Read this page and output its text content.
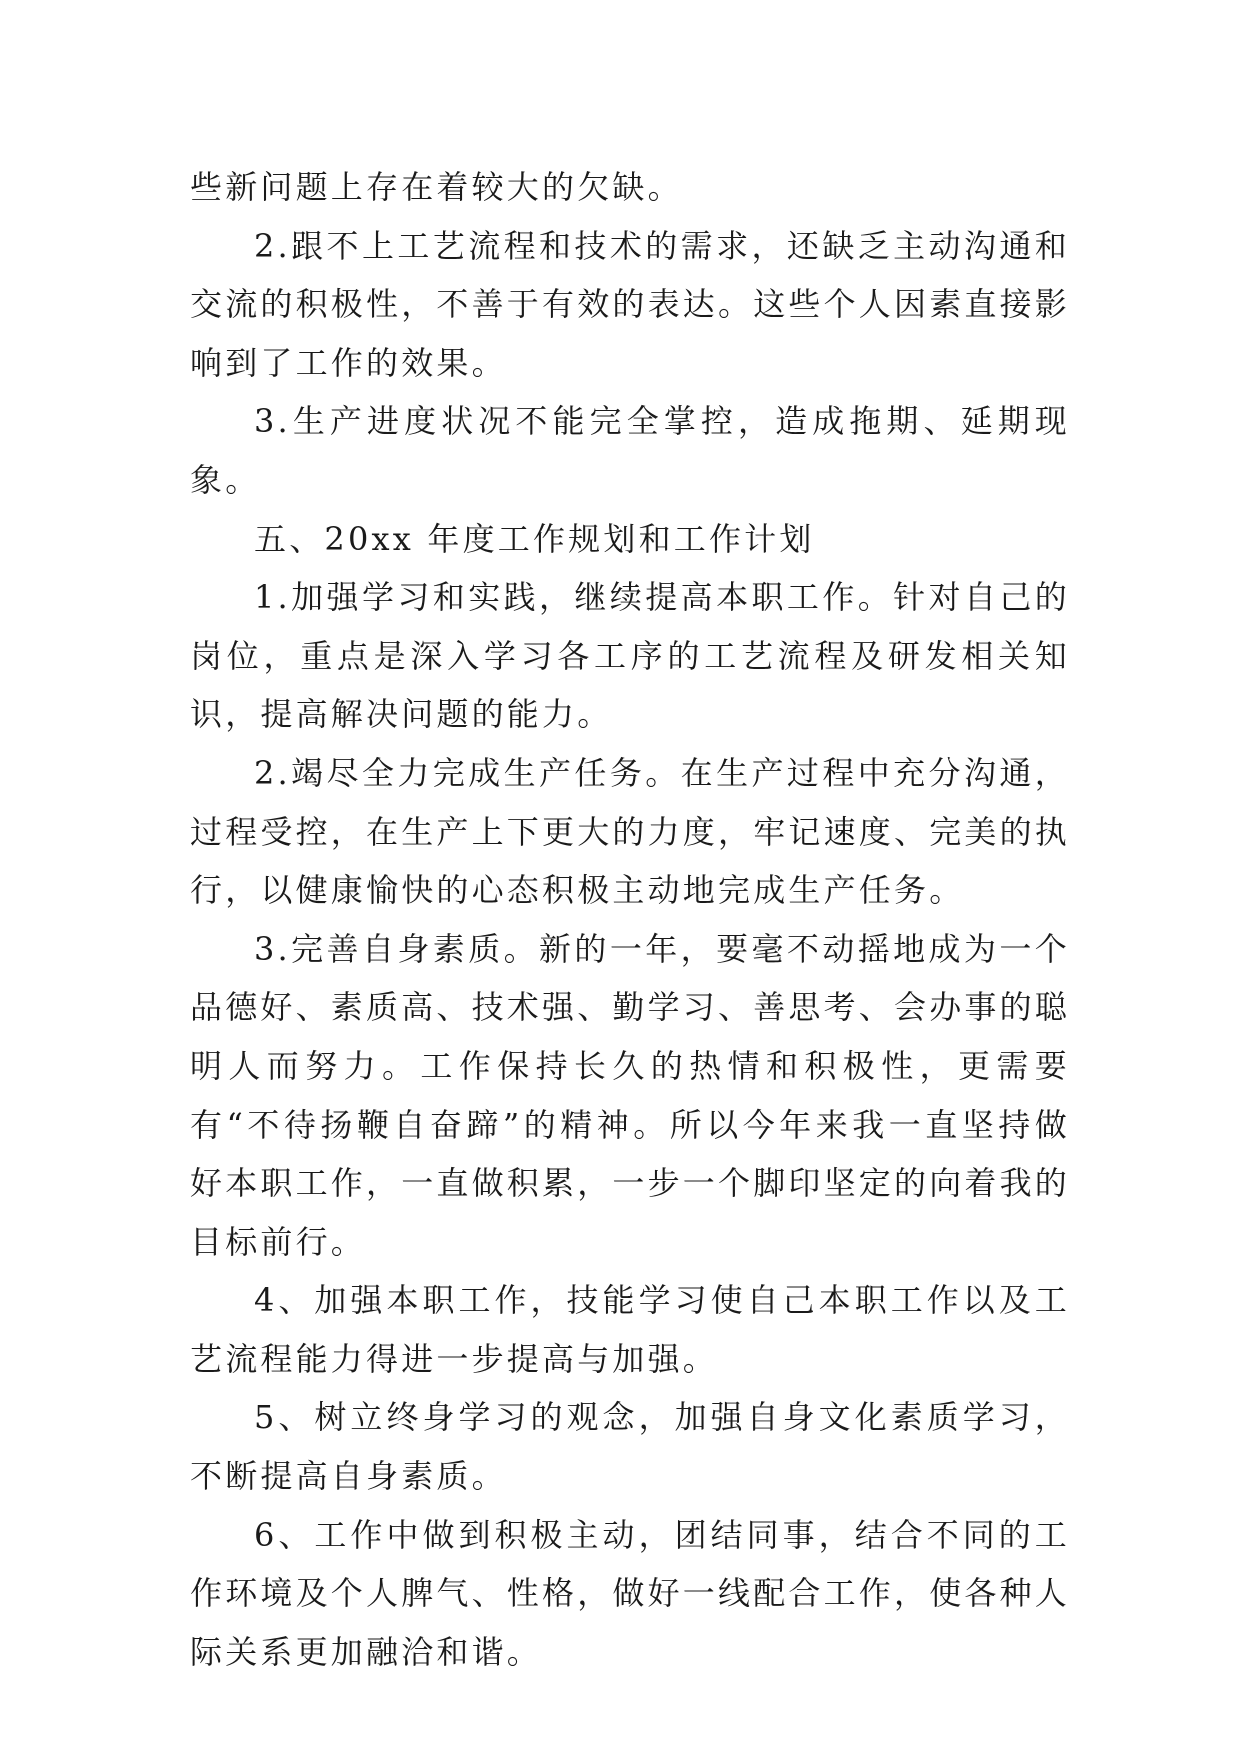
些新问题上存在着较大的欠缺。

2.跟不上工艺流程和技术的需求，还缺乏主动沟通和交流的积极性，不善于有效的表达。这些个人因素直接影响到了工作的效果。

3.生产进度状况不能完全掌控，造成拖期、延期现象。

五、20xx 年度工作规划和工作计划

1.加强学习和实践，继续提高本职工作。针对自己的岗位，重点是深入学习各工序的工艺流程及研发相关知识，提高解决问题的能力。

2.竭尽全力完成生产任务。在生产过程中充分沟通，过程受控，在生产上下更大的力度，牢记速度、完美的执行，以健康愉快的心态积极主动地完成生产任务。

3.完善自身素质。新的一年，要毫不动摇地成为一个品德好、素质高、技术强、勤学习、善思考、会办事的聪明人而努力。工作保持长久的热情和积极性，更需要有“不待扬鞭自奋蹄”的精神。所以今年来我一直坚持做好本职工作，一直做积累，一步一个脚印坚定的向着我的目标前行。

4、加强本职工作，技能学习使自己本职工作以及工艺流程能力得进一步提高与加强。

5、树立终身学习的观念，加强自身文化素质学习，不断提高自身素质。

6、工作中做到积极主动，团结同事，结合不同的工作环境及个人脾气、性格，做好一线配合工作，使各种人际关系更加融洽和谐。
